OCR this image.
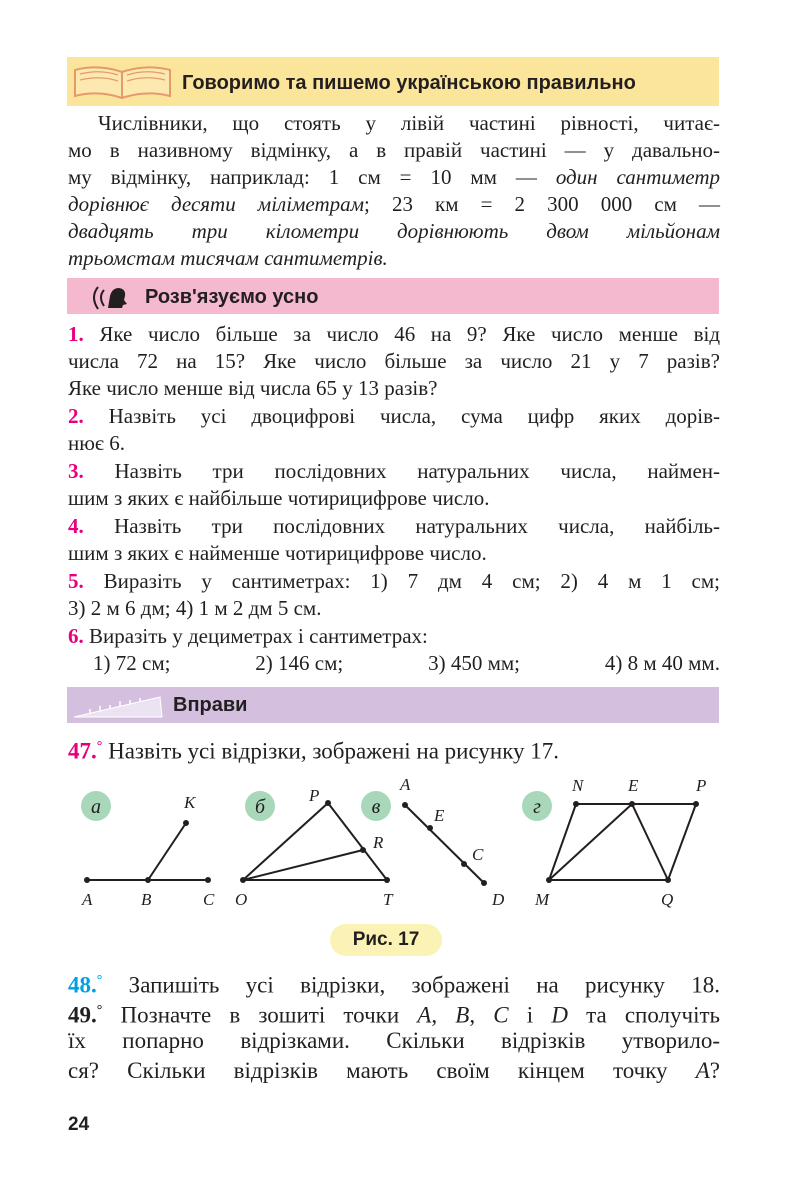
Говоримо та пишемо українською правильно
Числівники, що стоять у лівій частині рівності, читає-
мо в називному відмінку, а в правій частині — у давально-
му відмінку, наприклад: 1 см = 10 мм — один сантиметр
дорівнює десяти міліметрам; 23 км = 2 300 000 см —
двадцять три кілометри дорівнюють двом мільйонам
трьомстам тисячам сантиметрів.
Розв'язуємо усно
1. Яке число більше за число 46 на 9? Яке число менше від
числа 72 на 15? Яке число більше за число 21 у 7 разів?
Яке число менше від числа 65 у 13 разів?
2. Назвіть усі двоцифрові числа, сума цифр яких дорів-
нює 6.
3. Назвіть три послідовних натуральних числа, наймен-
шим з яких є найбільше чотирицифрове число.
4. Назвіть три послідовних натуральних числа, найбіль-
шим з яких є найменше чотирицифрове число.
5. Виразіть у сантиметрах: 1) 7 дм 4 см; 2) 4 м 1 см;
3) 2 м 6 дм; 4) 1 м 2 дм 5 см.
6. Виразіть у дециметрах і сантиметрах:
1) 72 см;	2) 146 см;	3) 450 мм;	4) 8 м 40 мм.
Вправи
47.° Назвіть усі відрізки, зображені на рисунку 17.
а
A	B	C
K	б
O
P
R
T
в
A
E
C
D
г
N	E	P
M	Q
Рис. 17
48.° Запишіть усі відрізки, зображені на рисунку 18.
49.° Позначте в зошиті точки A, B, C і D та сполучіть
їх попарно відрізками. Скільки відрізків утворило-
ся? Скільки відрізків мають своїм кінцем точку A?
24
